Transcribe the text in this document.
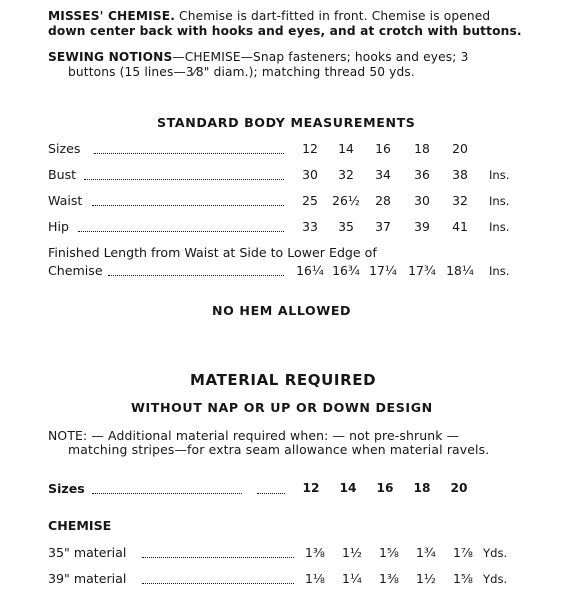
MISSES' CHEMISE. Chemise is dart-fitted in front. Chemise is opened
down center back with hooks and eyes, and at crotch with buttons.
SEWING NOTIONS—CHEMISE—Snap fasteners; hooks and eyes; 3
buttons (15 lines—3⁄8" diam.); matching thread 50 yds.
STANDARD BODY MEASUREMENTS
Sizes	12	14	16	18	20
Bust	30	32	34	36	38	Ins.
Waist	25	26½	28	30	32	Ins.
Hip	33	35	37	39	41	Ins.
Finished Length from Waist at Side to Lower Edge of
Chemise	16¼ 16¾ 17¼ 17¾ 18¼	Ins.
NO HEM ALLOWED
MATERIAL REQUIRED
WITHOUT NAP OR UP OR DOWN DESIGN
NOTE: — Additional material required when: — not pre-shrunk —
matching stripes—for extra seam allowance when material ravels.
Sizes	12	14	16	18	20
CHEMISE
35" material	1⅜	1½	1⅝	1¾	1⅞ Yds.
39" material	1⅛	1¼	1⅜	1½	1⅝ Yds.
